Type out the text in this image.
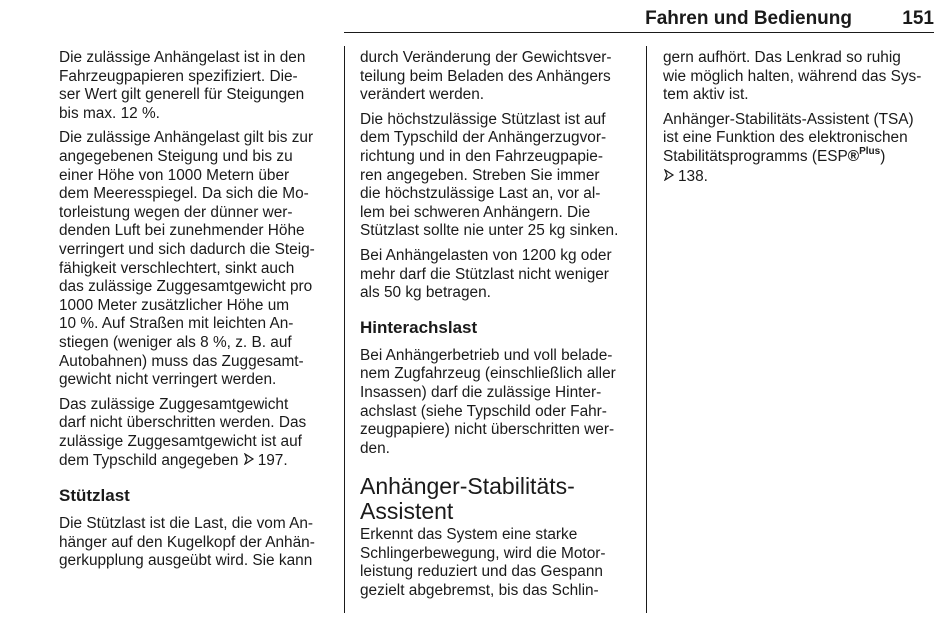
Fahren und Bedienung	151

Die zulässige Anhängelast ist in den
Fahrzeugpapieren spezifiziert. Die-
ser Wert gilt generell für Steigungen
bis max. 12 %.

Die zulässige Anhängelast gilt bis zur
angegebenen Steigung und bis zu
einer Höhe von 1000 Metern über
dem Meeresspiegel. Da sich die Mo-
torleistung wegen der dünner wer-
denden Luft bei zunehmender Höhe
verringert und sich dadurch die Steig-
fähigkeit verschlechtert, sinkt auch
das zulässige Zuggesamtgewicht pro
1000 Meter zusätzlicher Höhe um
10 %. Auf Straßen mit leichten An-
stiegen (weniger als 8 %, z. B. auf
Autobahnen) muss das Zuggesamt-
gewicht nicht verringert werden.

Das zulässige Zuggesamtgewicht
darf nicht überschritten werden. Das
zulässige Zuggesamtgewicht ist auf
dem Typschild angegeben 197.

Stützlast

Die Stützlast ist die Last, die vom An-
hänger auf den Kugelkopf der Anhän-
gerkupplung ausgeübt wird. Sie kann

durch Veränderung der Gewichtsver-
teilung beim Beladen des Anhängers
verändert werden.

Die höchstzulässige Stützlast ist auf
dem Typschild der Anhängerzugvor-
richtung und in den Fahrzeugpapie-
ren angegeben. Streben Sie immer
die höchstzulässige Last an, vor al-
lem bei schweren Anhängern. Die
Stützlast sollte nie unter 25 kg sinken.

Bei Anhängelasten von 1200 kg oder
mehr darf die Stützlast nicht weniger
als 50 kg betragen.

Hinterachslast

Bei Anhängerbetrieb und voll belade-
nem Zugfahrzeug (einschließlich aller
Insassen) darf die zulässige Hinter-
achslast (siehe Typschild oder Fahr-
zeugpapiere) nicht überschritten wer-
den.

Anhänger-Stabilitäts-
Assistent

Erkennt das System eine starke
Schlingerbewegung, wird die Motor-
leistung reduziert und das Gespann
gezielt abgebremst, bis das Schlin-

gern aufhört. Das Lenkrad so ruhig
wie möglich halten, während das Sys-
tem aktiv ist.

Anhänger-Stabilitäts-Assistent (TSA)
ist eine Funktion des elektronischen
Stabilitätsprogramms (ESP®$^{Plus}$)
138.
